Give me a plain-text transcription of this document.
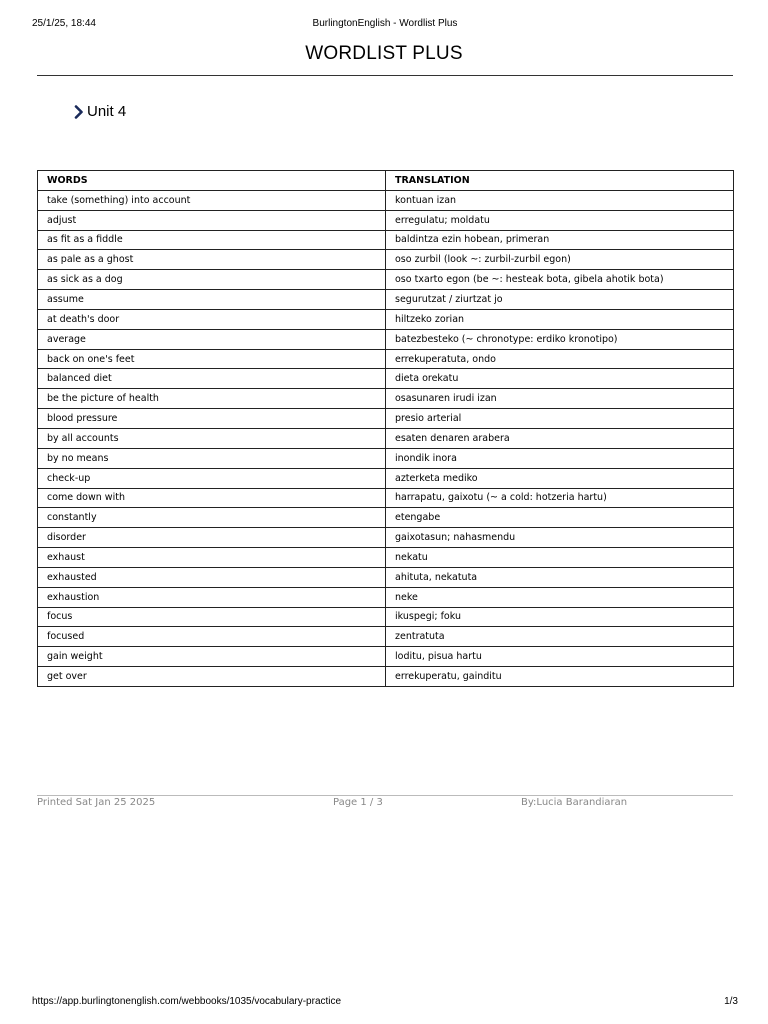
25/1/25, 18:44	BurlingtonEnglish - Wordlist Plus
WORDLIST PLUS
Unit 4
WORDS	TRANSLATION
take (something) into account	kontuan izan
adjust	erregulatu; moldatu
as fit as a fiddle	baldintza ezin hobean, primeran
as pale as a ghost	oso zurbil (look ~: zurbil-zurbil egon)
as sick as a dog	oso txarto egon (be ~: hesteak bota, gibela ahotik bota)
assume	segurutzat / ziurtzat jo
at death's door	hiltzeko zorian
average	batezbesteko (~ chronotype: erdiko kronotipo)
back on one's feet	errekuperatuta, ondo
balanced diet	dieta orekatu
be the picture of health	osasunaren irudi izan
blood pressure	presio arterial
by all accounts	esaten denaren arabera
by no means	inondik inora
check-up	azterketa mediko
come down with	harrapatu, gaixotu (~ a cold: hotzeria hartu)
constantly	etengabe
disorder	gaixotasun; nahasmendu
exhaust	nekatu
exhausted	ahituta, nekatuta
exhaustion	neke
focus	ikuspegi; foku
focused	zentratuta
gain weight	loditu, pisua hartu
get over	errekuperatu, gainditu
Printed Sat Jan 25 2025	Page 1 / 3	By:Lucia Barandiaran
https://app.burlingtonenglish.com/webbooks/1035/vocabulary-practice	1/3
